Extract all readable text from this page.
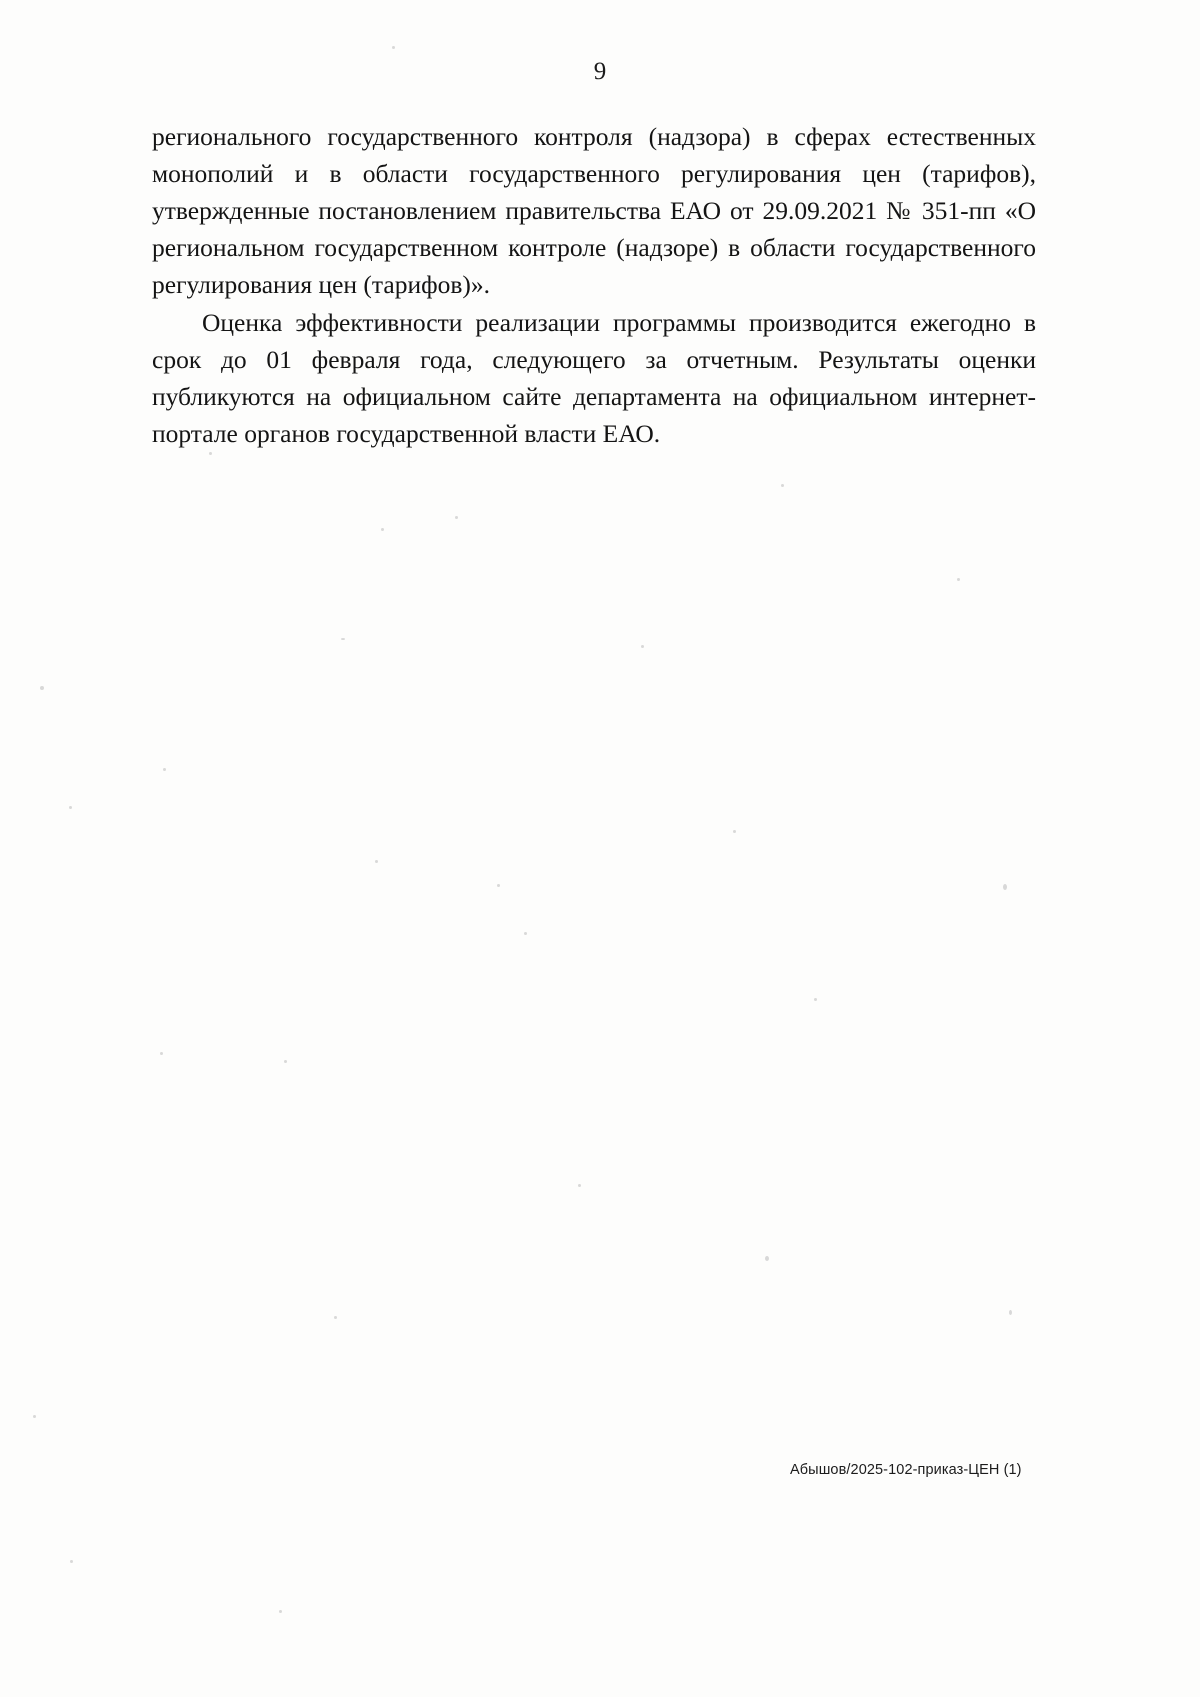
9

регионального государственного контроля (надзора) в сферах естественных монополий и в области государственного регулирования цен (тарифов), утвержденные постановлением правительства ЕАО от 29.09.2021 № 351-пп «О региональном государственном контроле (надзоре) в области государственного регулирования цен (тарифов)».

Оценка эффективности реализации программы производится ежегодно в срок до 01 февраля года, следующего за отчетным. Результаты оценки публикуются на официальном сайте департамента на официальном интернет-портале органов государственной власти ЕАО.

Абышов/2025-102-приказ-ЦЕН (1)
